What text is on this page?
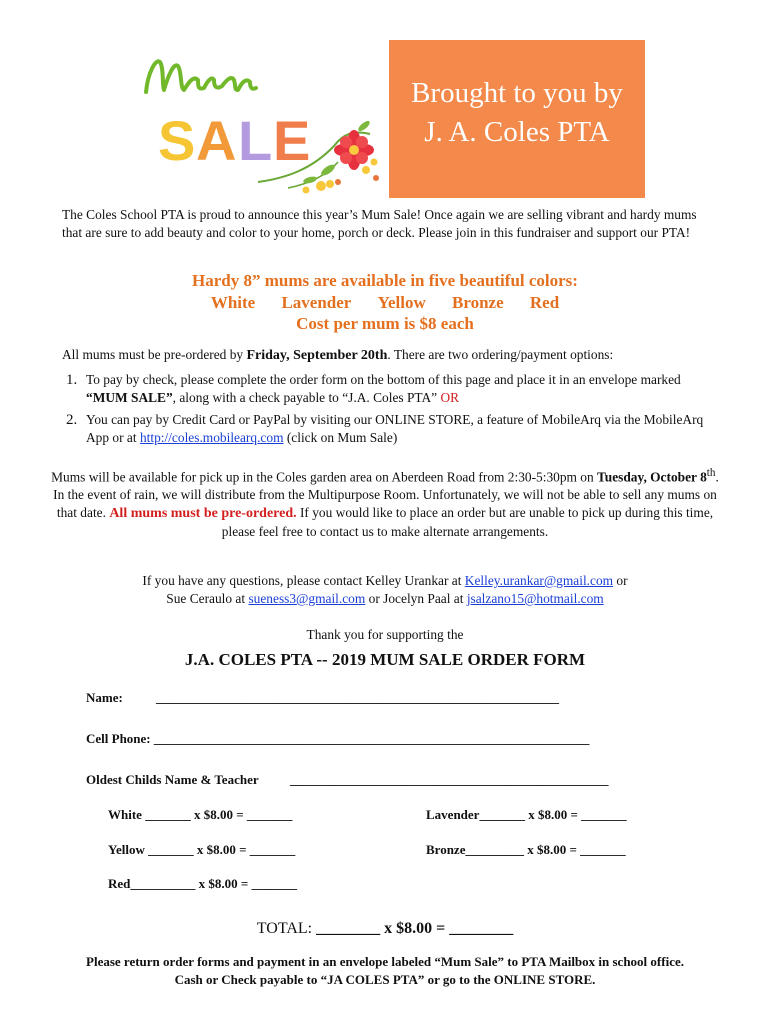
S A L E
Brought to you by
J. A. Coles PTA
The Coles School PTA is proud to announce this year’s Mum Sale! Once again we are selling vibrant and hardy mums that are sure to add beauty and color to your home, porch or deck. Please join in this fundraiser and support our PTA!
Hardy 8” mums are available in five beautiful colors:
White Lavender Yellow Bronze Red
Cost per mum is $8 each
All mums must be pre-ordered by Friday, September 20th. There are two ordering/payment options:
1. To pay by check, please complete the order form on the bottom of this page and place it in an envelope marked “MUM SALE”, along with a check payable to “J.A. Coles PTA” OR
2. You can pay by Credit Card or PayPal by visiting our ONLINE STORE, a feature of MobileArq via the MobileArq App or at http://coles.mobilearq.com (click on Mum Sale)
Mums will be available for pick up in the Coles garden area on Aberdeen Road from 2:30-5:30pm on Tuesday, October 8th. In the event of rain, we will distribute from the Multipurpose Room. Unfortunately, we will not be able to sell any mums on that date. All mums must be pre-ordered. If you would like to place an order but are unable to pick up during this time, please feel free to contact us to make alternate arrangements.
If you have any questions, please contact Kelley Urankar at Kelley.urankar@gmail.com or
Sue Ceraulo at sueness3@gmail.com or Jocelyn Paal at jsalzano15@hotmail.com
Thank you for supporting the
J.A. COLES PTA -- 2019 MUM SALE ORDER FORM
Name:	______________________________________________________________
Cell Phone: ___________________________________________________________________
Oldest Childs Name & Teacher _________________________________________________
White _______ x $8.00 = _______	Lavender_______ x $8.00 = _______
Yellow _______ x $8.00 = _______	Bronze_________ x $8.00 = _______
Red__________ x $8.00 = _______
TOTAL: ________ x $8.00 = ________
Please return order forms and payment in an envelope labeled “Mum Sale” to PTA Mailbox in school office.
Cash or Check payable to “JA COLES PTA” or go to the ONLINE STORE.
